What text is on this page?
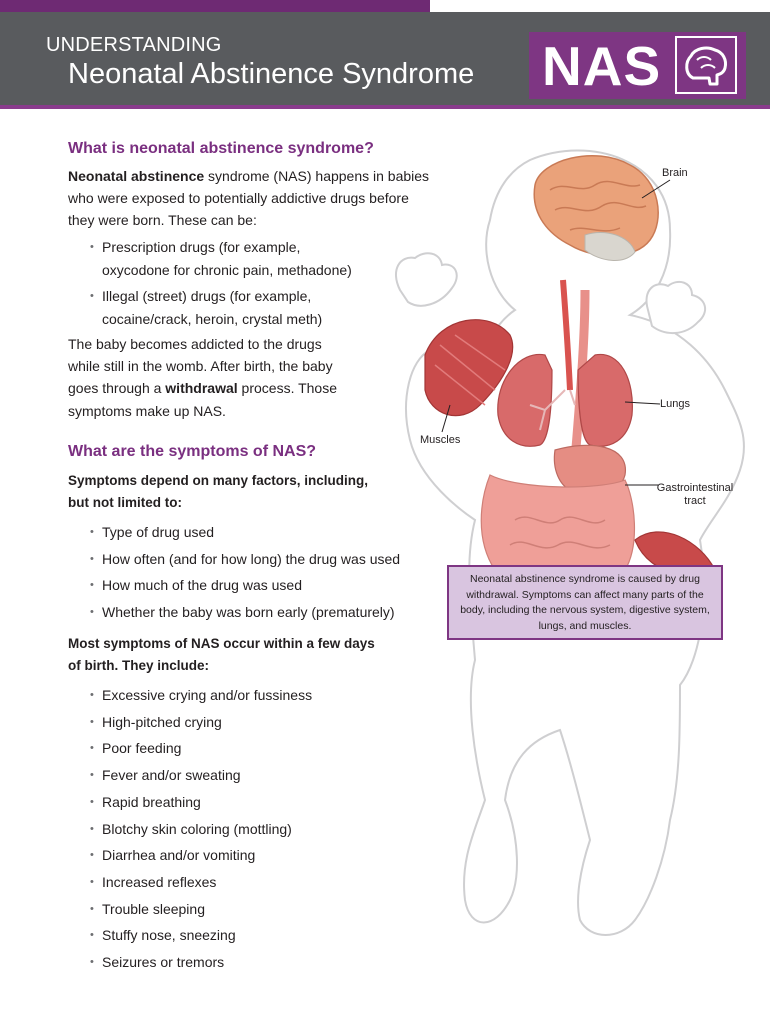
UNDERSTANDING
Neonatal Abstinence Syndrome NAS
What is neonatal abstinence syndrome?
Neonatal abstinence syndrome (NAS) happens in babies
who were exposed to potentially addictive drugs before
they were born. These can be:
• Prescription drugs (for example,
oxycodone for chronic pain, methadone)
• Illegal (street) drugs (for example,
cocaine/crack, heroin, crystal meth)
The baby becomes addicted to the drugs
while still in the womb. After birth, the baby
goes through a withdrawal process. Those
symptoms make up NAS.
What are the symptoms of NAS?
Symptoms depend on many factors, including,
but not limited to:
• Type of drug used
• How often (and for how long) the drug was used
• How much of the drug was used
• Whether the baby was born early (prematurely)
Most symptoms of NAS occur within a few days
of birth. They include:
• Excessive crying and/or fussiness
• High-pitched crying
• Poor feeding
• Fever and/or sweating
• Rapid breathing
• Blotchy skin coloring (mottling)
• Diarrhea and/or vomiting
• Increased reflexes
• Trouble sleeping
• Stuffy nose, sneezing
• Seizures or tremors
Brain
Lungs
Muscles
Gastrointestinal
tract
Neonatal abstinence syndrome is caused by drug withdrawal. Symptoms can affect many parts of the body, including the nervous system, digestive system, lungs, and muscles.
